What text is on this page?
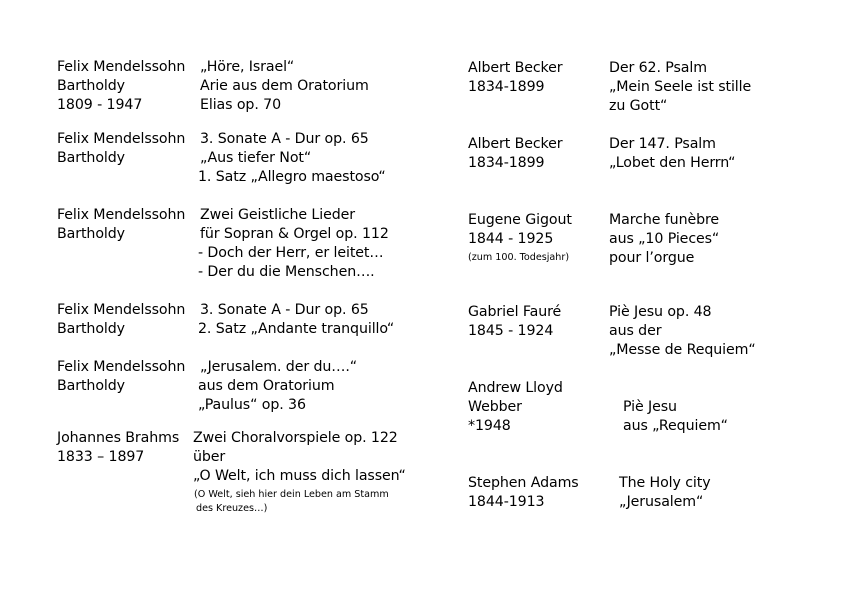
Felix Mendelssohn
Bartholdy
1809 - 1947
„Höre, Israel“
Arie aus dem Oratorium
Elias op. 70
Felix Mendelssohn
Bartholdy
3. Sonate A - Dur op. 65
„Aus tiefer Not“
1. Satz „Allegro maestoso“
Felix Mendelssohn
Bartholdy
Zwei Geistliche Lieder
für Sopran & Orgel op. 112
- Doch der Herr, er leitet…
- Der du die Menschen….
Felix Mendelssohn
Bartholdy
3. Sonate A - Dur op. 65
2. Satz „Andante tranquillo“
Felix Mendelssohn
Bartholdy
„Jerusalem. der du….“
aus dem Oratorium
„Paulus“ op. 36
Johannes Brahms
1833 – 1897
Zwei Choralvorspiele op. 122
über
„O Welt, ich muss dich lassen“
(O Welt, sieh hier dein Leben am Stamm
des Kreuzes…)
Albert Becker
1834-1899
Der 62. Psalm
„Mein Seele ist stille
zu Gott“
Albert Becker
1834-1899
Der 147. Psalm
„Lobet den Herrn“
Eugene Gigout
1844 - 1925
(zum 100. Todesjahr)
Marche funèbre
aus „10 Pieces“
pour l’orgue
Gabriel Fauré
1845 - 1924
Piè Jesu op. 48
aus der
„Messe de Requiem“
Andrew Lloyd
Webber
*1948
Piè Jesu
aus „Requiem“
Stephen Adams
1844-1913
The Holy city
„Jerusalem“
